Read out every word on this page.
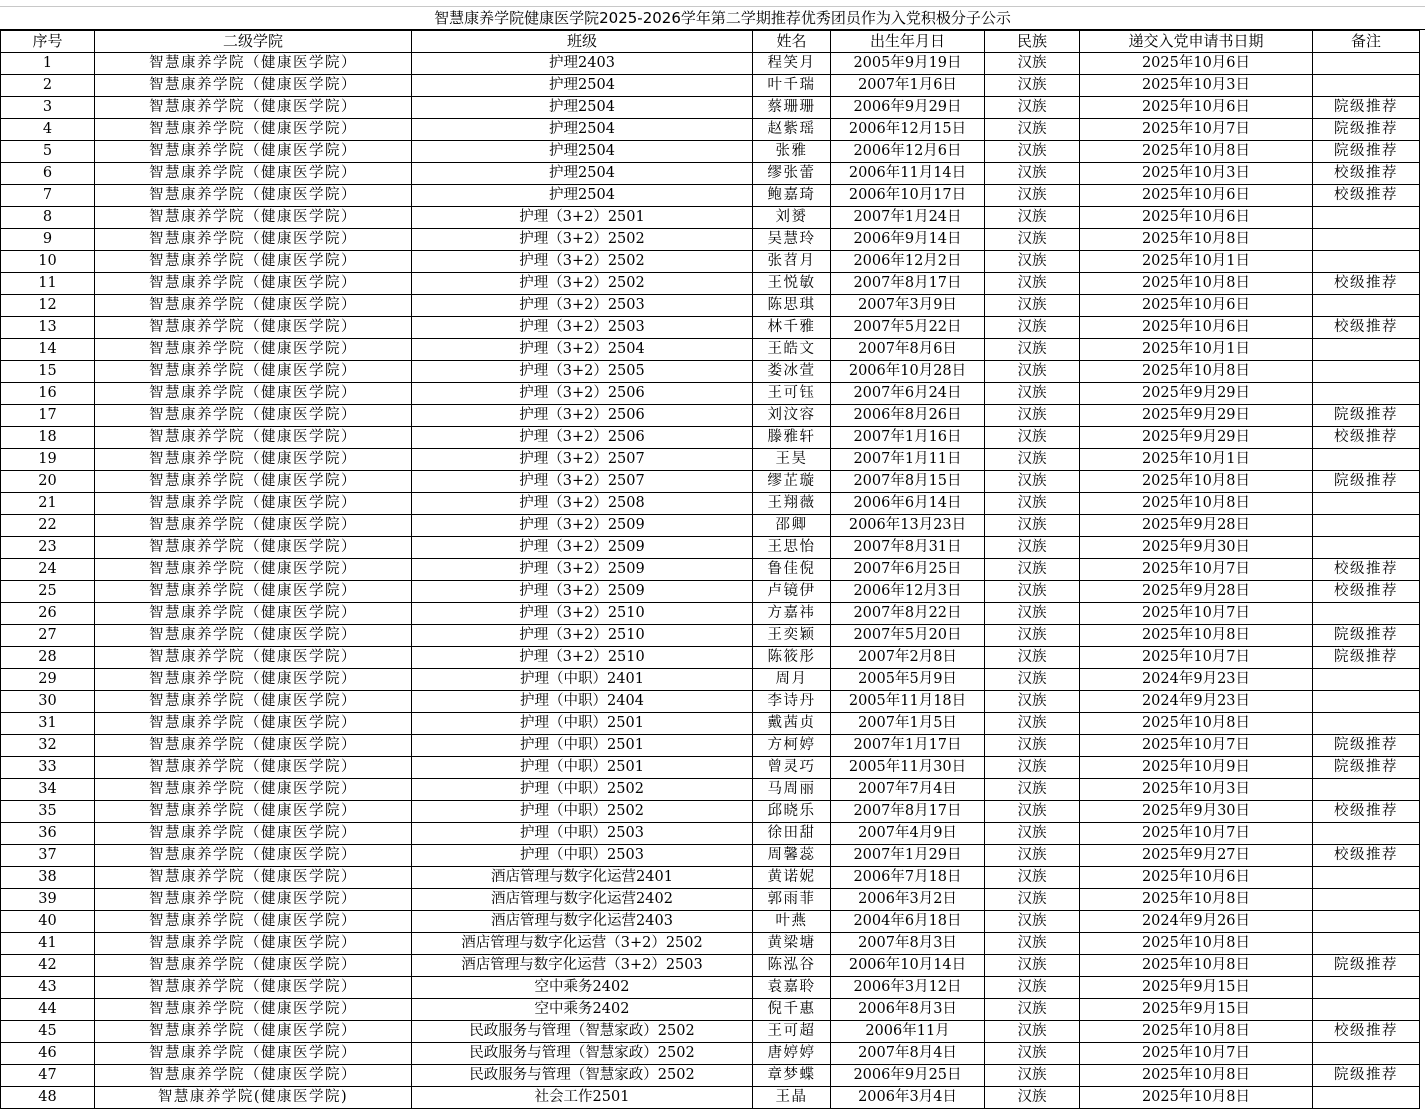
智慧康养学院健康医学院2025-2026学年第二学期推荐优秀团员作为入党积极分子公示
序号	二级学院	班级	姓名	出生年月日	民族	递交入党申请书日期	备注
1	智慧康养学院（健康医学院）	护理2403	程笑月	2005年9月19日	汉族	2025年10月6日	
2	智慧康养学院（健康医学院）	护理2504	叶千瑞	2007年1月6日	汉族	2025年10月3日	
3	智慧康养学院（健康医学院）	护理2504	蔡珊珊	2006年9月29日	汉族	2025年10月6日	院级推荐
4	智慧康养学院（健康医学院）	护理2504	赵紫瑶	2006年12月15日	汉族	2025年10月7日	院级推荐
5	智慧康养学院（健康医学院）	护理2504	张雅	2006年12月6日	汉族	2025年10月8日	院级推荐
6	智慧康养学院（健康医学院）	护理2504	缪张蕾	2006年11月14日	汉族	2025年10月3日	校级推荐
7	智慧康养学院（健康医学院）	护理2504	鲍嘉琦	2006年10月17日	汉族	2025年10月6日	校级推荐
8	智慧康养学院（健康医学院）	护理（3+2）2501	刘赟	2007年1月24日	汉族	2025年10月6日	
9	智慧康养学院（健康医学院）	护理（3+2）2502	吴慧玲	2006年9月14日	汉族	2025年10月8日	
10	智慧康养学院（健康医学院）	护理（3+2）2502	张苕月	2006年12月2日	汉族	2025年10月1日	
11	智慧康养学院（健康医学院）	护理（3+2）2502	王悦敏	2007年8月17日	汉族	2025年10月8日	校级推荐
12	智慧康养学院（健康医学院）	护理（3+2）2503	陈思琪	2007年3月9日	汉族	2025年10月6日	
13	智慧康养学院（健康医学院）	护理（3+2）2503	林千雅	2007年5月22日	汉族	2025年10月6日	校级推荐
14	智慧康养学院（健康医学院）	护理（3+2）2504	王皓文	2007年8月6日	汉族	2025年10月1日	
15	智慧康养学院（健康医学院）	护理（3+2）2505	娄冰萱	2006年10月28日	汉族	2025年10月8日	
16	智慧康养学院（健康医学院）	护理（3+2）2506	王可钰	2007年6月24日	汉族	2025年9月29日	
17	智慧康养学院（健康医学院）	护理（3+2）2506	刘汶容	2006年8月26日	汉族	2025年9月29日	院级推荐
18	智慧康养学院（健康医学院）	护理（3+2）2506	滕雅轩	2007年1月16日	汉族	2025年9月29日	校级推荐
19	智慧康养学院（健康医学院）	护理（3+2）2507	王昊	2007年1月11日	汉族	2025年10月1日	
20	智慧康养学院（健康医学院）	护理（3+2）2507	缪芷璇	2007年8月15日	汉族	2025年10月8日	院级推荐
21	智慧康养学院（健康医学院）	护理（3+2）2508	王翔薇	2006年6月14日	汉族	2025年10月8日	
22	智慧康养学院（健康医学院）	护理（3+2）2509	邵卿	2006年13月23日	汉族	2025年9月28日	
23	智慧康养学院（健康医学院）	护理（3+2）2509	王思怡	2007年8月31日	汉族	2025年9月30日	
24	智慧康养学院（健康医学院）	护理（3+2）2509	鲁佳倪	2007年6月25日	汉族	2025年10月7日	校级推荐
25	智慧康养学院（健康医学院）	护理（3+2）2509	卢镜伊	2006年12月3日	汉族	2025年9月28日	校级推荐
26	智慧康养学院（健康医学院）	护理（3+2）2510	方嘉祎	2007年8月22日	汉族	2025年10月7日	
27	智慧康养学院（健康医学院）	护理（3+2）2510	王奕颖	2007年5月20日	汉族	2025年10月8日	院级推荐
28	智慧康养学院（健康医学院）	护理（3+2）2510	陈筱彤	2007年2月8日	汉族	2025年10月7日	院级推荐
29	智慧康养学院（健康医学院）	护理（中职）2401	周月	2005年5月9日	汉族	2024年9月23日	
30	智慧康养学院（健康医学院）	护理（中职）2404	李诗丹	2005年11月18日	汉族	2024年9月23日	
31	智慧康养学院（健康医学院）	护理（中职）2501	戴茜贞	2007年1月5日	汉族	2025年10月8日	
32	智慧康养学院（健康医学院）	护理（中职）2501	方柯婷	2007年1月17日	汉族	2025年10月7日	院级推荐
33	智慧康养学院（健康医学院）	护理（中职）2501	曾灵巧	2005年11月30日	汉族	2025年10月9日	院级推荐
34	智慧康养学院（健康医学院）	护理（中职）2502	马周丽	2007年7月4日	汉族	2025年10月3日	
35	智慧康养学院（健康医学院）	护理（中职）2502	邱晓乐	2007年8月17日	汉族	2025年9月30日	校级推荐
36	智慧康养学院（健康医学院）	护理（中职）2503	徐田甜	2007年4月9日	汉族	2025年10月7日	
37	智慧康养学院（健康医学院）	护理（中职）2503	周馨蕊	2007年1月29日	汉族	2025年9月27日	校级推荐
38	智慧康养学院（健康医学院）	酒店管理与数字化运营2401	黄诺妮	2006年7月18日	汉族	2025年10月6日	
39	智慧康养学院（健康医学院）	酒店管理与数字化运营2402	郭雨菲	2006年3月2日	汉族	2025年10月8日	
40	智慧康养学院（健康医学院）	酒店管理与数字化运营2403	叶燕	2004年6月18日	汉族	2024年9月26日	
41	智慧康养学院（健康医学院）	酒店管理与数字化运营（3+2）2502	黄梁塘	2007年8月3日	汉族	2025年10月8日	
42	智慧康养学院（健康医学院）	酒店管理与数字化运营（3+2）2503	陈泓谷	2006年10月14日	汉族	2025年10月8日	院级推荐
43	智慧康养学院（健康医学院）	空中乘务2402	袁嘉聆	2006年3月12日	汉族	2025年9月15日	
44	智慧康养学院（健康医学院）	空中乘务2402	倪千惠	2006年8月3日	汉族	2025年9月15日	
45	智慧康养学院（健康医学院）	民政服务与管理（智慧家政）2502	王可超	2006年11月	汉族	2025年10月8日	校级推荐
46	智慧康养学院（健康医学院）	民政服务与管理（智慧家政）2502	唐婷婷	2007年8月4日	汉族	2025年10月7日	
47	智慧康养学院（健康医学院）	民政服务与管理（智慧家政）2502	章梦蝶	2006年9月25日	汉族	2025年10月8日	院级推荐
48	智慧康养学院(健康医学院)	社会工作2501	王晶	2006年3月4日	汉族	2025年10月8日	
